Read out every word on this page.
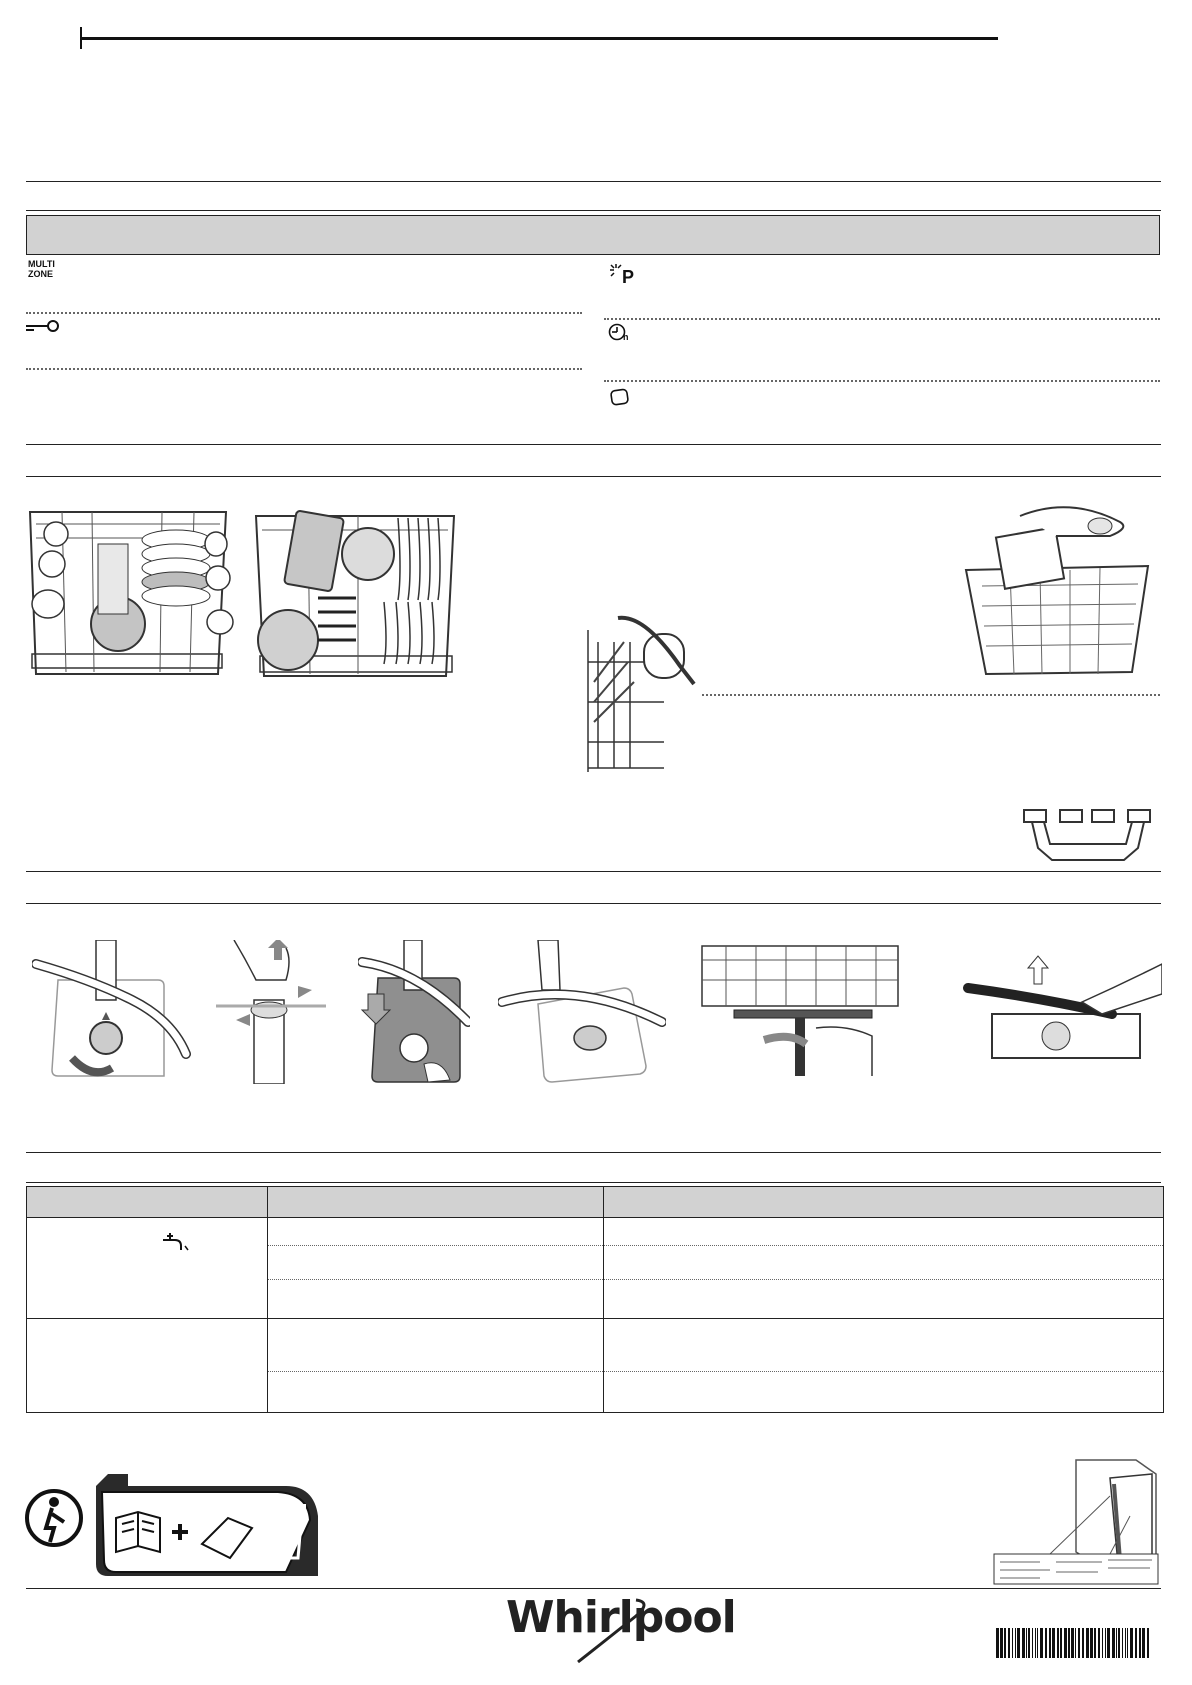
MULTI
ZONE	P
h

Whirlpool
